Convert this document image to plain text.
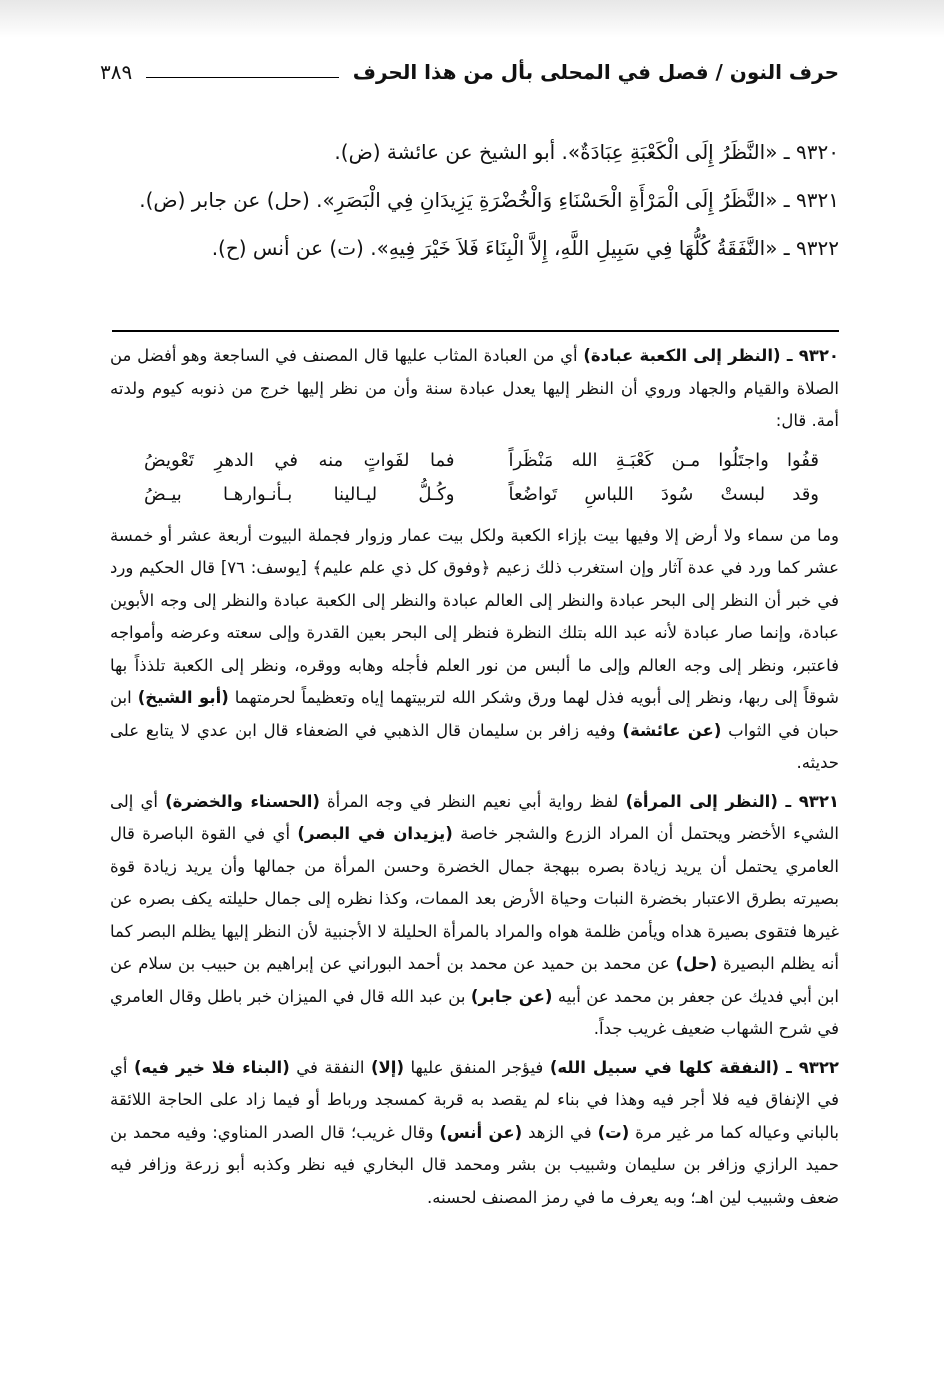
حرف النون / فصل في المحلى بأل من هذا الحرف
٣٨٩

٩٣٢٠ ـ «النَّظَرُ إِلَى الْكَعْبَةِ عِبَادَةٌ». أبو الشيخ عن عائشة (ض).

٩٣٢١ ـ «النَّظَرُ إِلَى الْمَرْأَةِ الْحَسْنَاءِ وَالْخُضْرَةِ يَزِيدَانِ فِي الْبَصَرِ». (حل) عن جابر (ض).

٩٣٢٢ ـ «النَّفَقَةُ كُلُّهَا فِي سَبِيلِ اللَّهِ، إِلاَّ الْبِنَاءَ فَلاَ خَيْرَ فِيهِ». (ت) عن أنس (ح).

٩٣٢٠ ـ (النظر إلى الكعبة عبادة) أي من العبادة المثاب عليها قال المصنف في الساجعة وهو أفضل من الصلاة والقيام والجهاد وروي أن النظر إليها يعدل عبادة سنة وأن من نظر إليها خرج من ذنوبه كيوم ولدته أمة. قال:

قفُوا واجتَلُوا مـن كَعْبَـةِ الله مَنْظَراً
فما لفَواتٍ منه في الدهرِ تَعْويضُ
وقد لبستْ سُودَ اللباسِ تَواضُعاً
وكُـلُّ ليـالينا بـأنـوارهـا بيـضُ

وما من سماء ولا أرض إلا وفيها بيت بإزاء الكعبة ولكل بيت عمار وزوار فجملة البيوت أربعة عشر أو خمسة عشر كما ورد في عدة آثار وإن استغرب ذلك زعيم ﴿وفوق كل ذي علم عليم﴾ [يوسف: ٧٦] قال الحكيم ورد في خبر أن النظر إلى البحر عبادة والنظر إلى العالم عبادة والنظر إلى الكعبة عبادة والنظر إلى وجه الأبوين عبادة، وإنما صار عبادة لأنه عبد الله بتلك النظرة فنظر إلى البحر بعين القدرة وإلى سعته وعرضه وأمواجه فاعتبر، ونظر إلى وجه العالم وإلى ما ألبس من نور العلم فأجله وهابه ووقره، ونظر إلى الكعبة تلذذاً بها شوقاً إلى ربها، ونظر إلى أبويه فذل لهما ورق وشكر الله لتربيتهما إياه وتعظيماً لحرمتهما (أبو الشيخ) ابن حبان في الثواب (عن عائشة) وفيه زافر بن سليمان قال الذهبي في الضعفاء قال ابن عدي لا يتابع على حديثه.

٩٣٢١ ـ (النظر إلى المرأة) لفظ رواية أبي نعيم النظر في وجه المرأة (الحسناء والخضرة) أي إلى الشيء الأخضر ويحتمل أن المراد الزرع والشجر خاصة (يزيدان في البصر) أي في القوة الباصرة قال العامري يحتمل أن يريد زيادة بصره ببهجة جمال الخضرة وحسن المرأة من جمالها وأن يريد زيادة قوة بصيرته بطرق الاعتبار بخضرة النبات وحياة الأرض بعد الممات، وكذا نظره إلى جمال حليلته يكف بصره عن غيرها فتقوى بصيرة هداه ويأمن ظلمة هواه والمراد بالمرأة الحليلة لا الأجنبية لأن النظر إليها يظلم البصر كما أنه يظلم البصيرة (حل) عن محمد بن حميد عن محمد بن أحمد البوراني عن إبراهيم بن حبيب بن سلام عن ابن أبي فديك عن جعفر بن محمد عن أبيه (عن جابر) بن عبد الله قال في الميزان خبر باطل وقال العامري في شرح الشهاب ضعيف غريب جداً.

٩٣٢٢ ـ (النفقة كلها في سبيل الله) فيؤجر المنفق عليها (إلا) النفقة في (البناء فلا خير فيه) أي في الإنفاق فيه فلا أجر فيه وهذا في بناء لم يقصد به قربة كمسجد ورباط أو فيما زاد على الحاجة اللائقة بالباني وعياله كما مر غير مرة (ت) في الزهد (عن أنس) وقال غريب؛ قال الصدر المناوي: وفيه محمد بن حميد الرازي وزافر بن سليمان وشبيب بن بشر ومحمد قال البخاري فيه نظر وكذبه أبو زرعة وزافر فيه ضعف وشبيب لين اهـ؛ وبه يعرف ما في رمز المصنف لحسنه.
